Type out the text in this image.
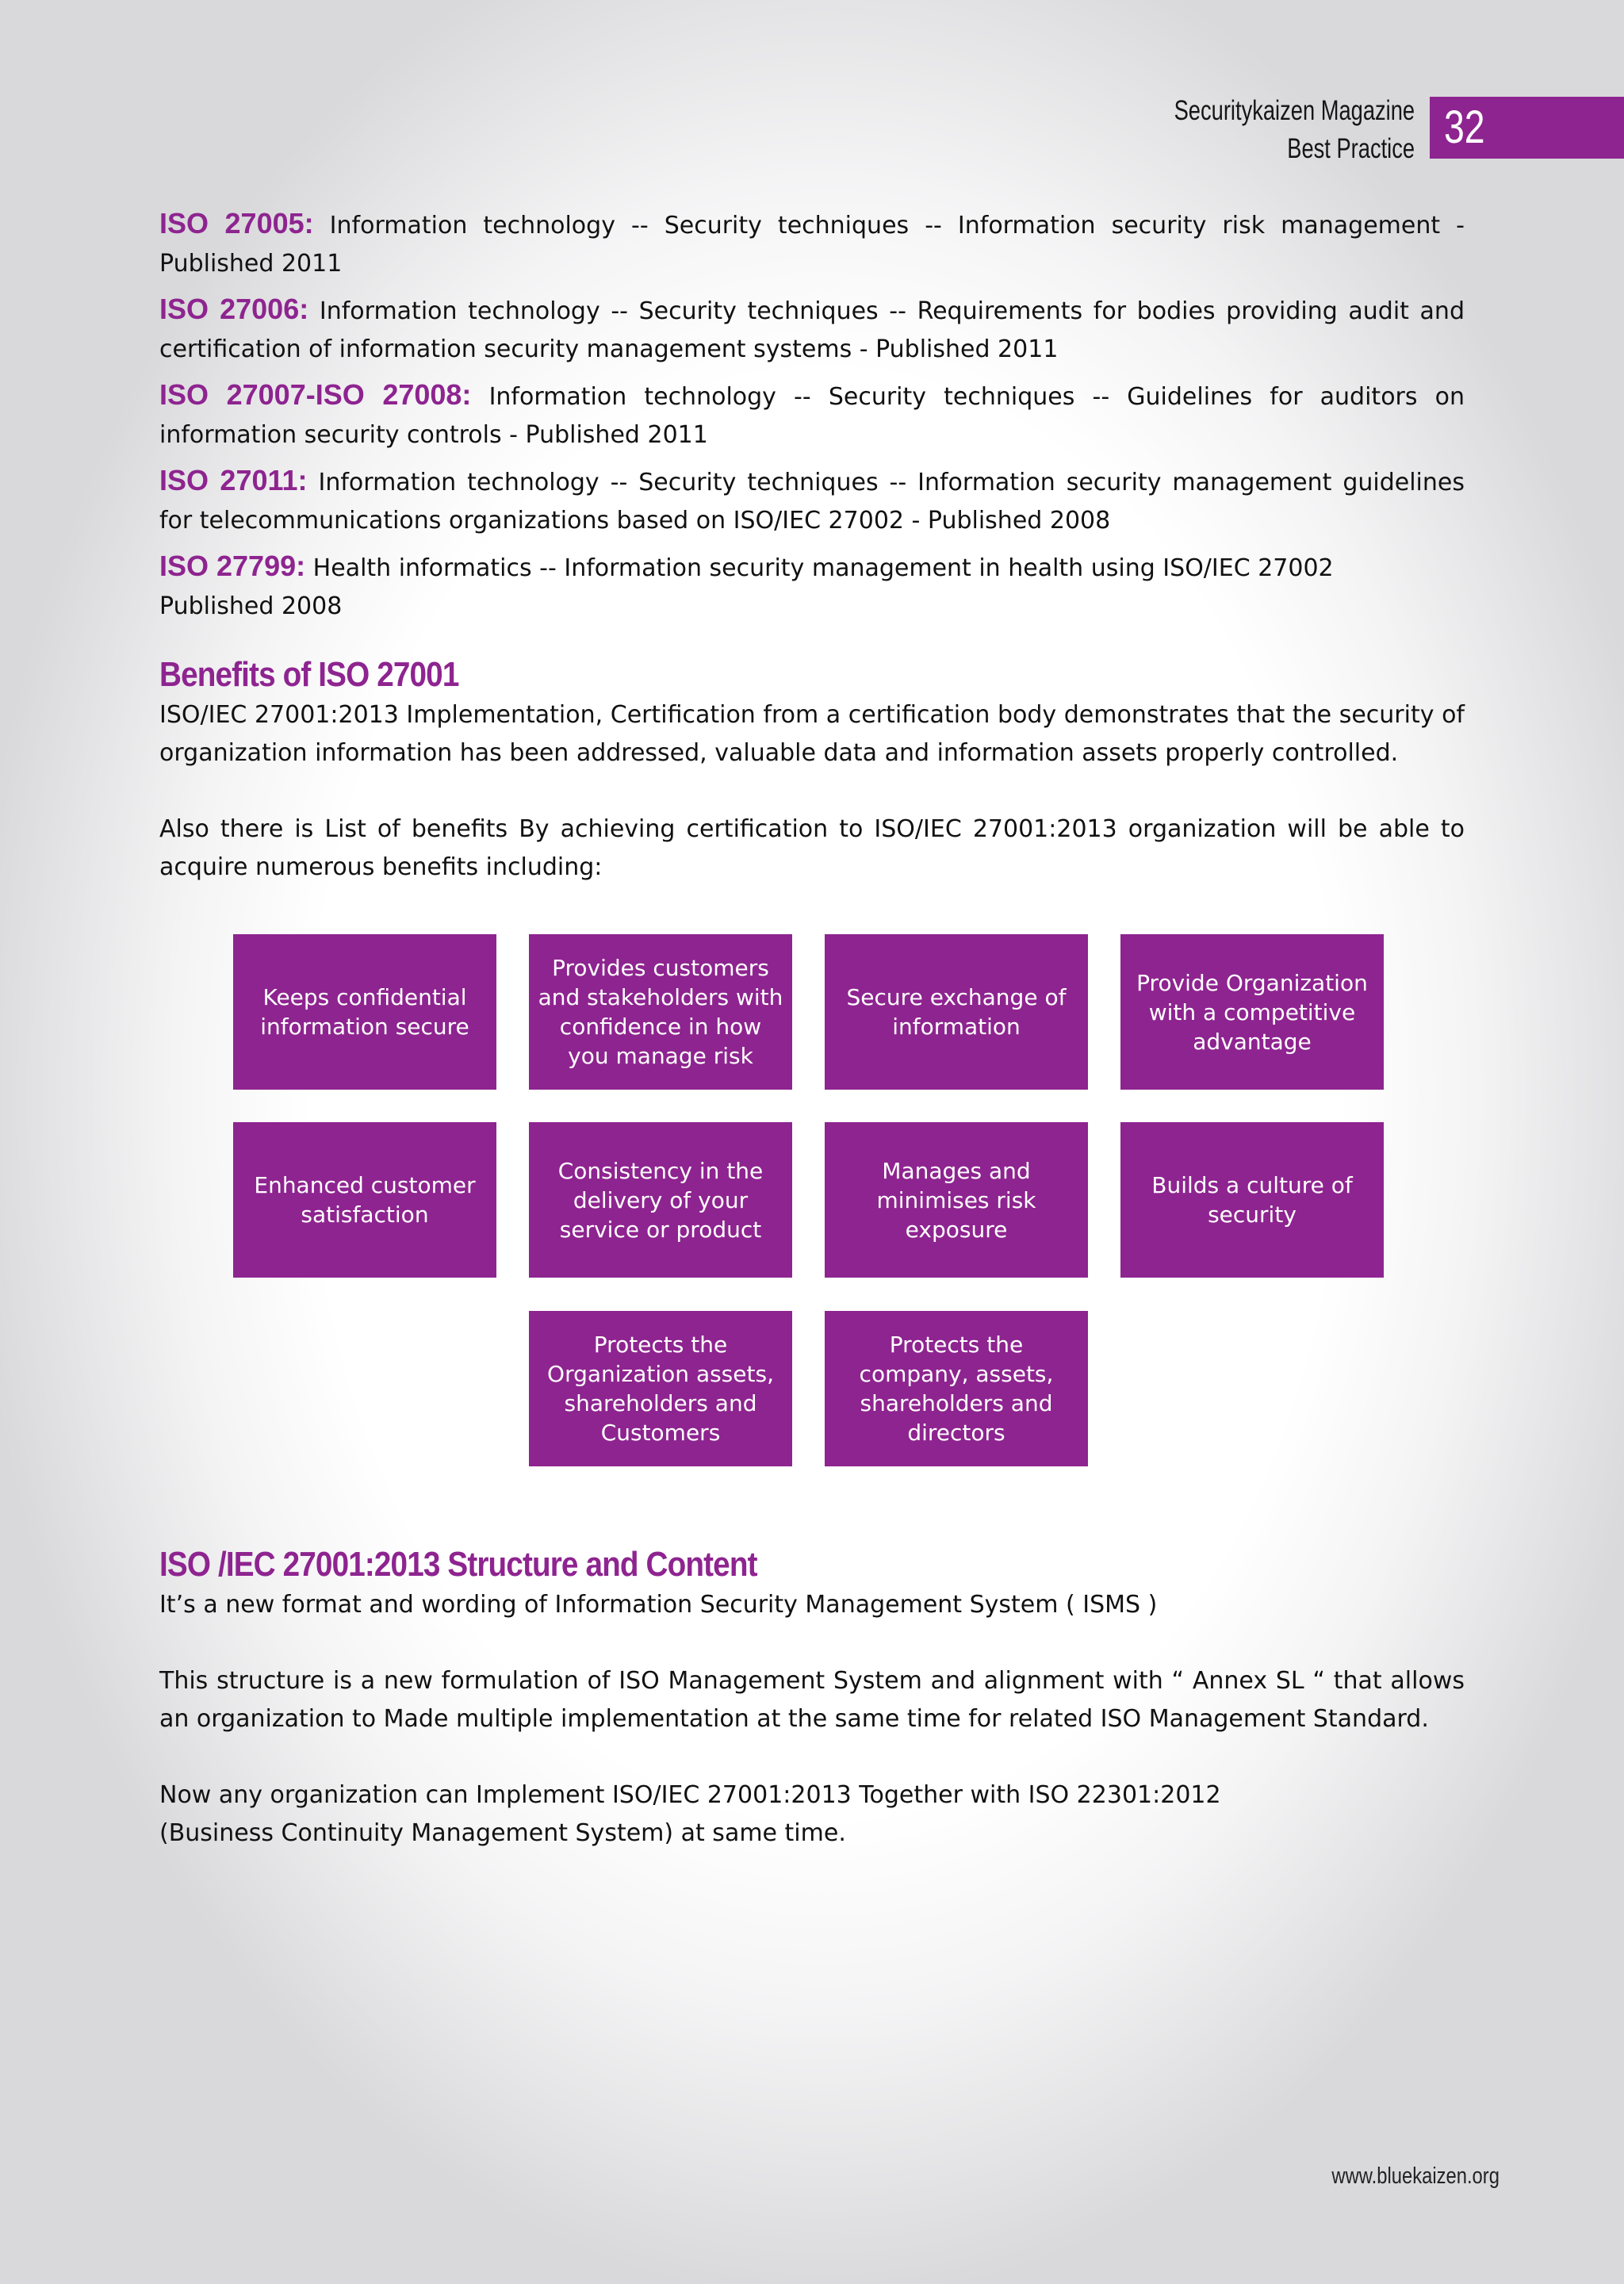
Securitykaizen Magazine
Best Practice 32

ISO 27005: Information technology -- Security techniques -- Information security risk management - Published 2011

ISO 27006: Information technology -- Security techniques -- Requirements for bodies providing audit and certification of information security management systems - Published 2011

ISO 27007-ISO 27008: Information technology -- Security techniques -- Guidelines for auditors on information security controls - Published 2011

ISO 27011: Information technology -- Security techniques -- Information security management guidelines for telecommunications organizations based on ISO/IEC 27002 - Published 2008

ISO 27799: Health informatics -- Information security management in health using ISO/IEC 27002
Published 2008

Benefits of ISO 27001

ISO/IEC 27001:2013 Implementation, Certification from a certification body demonstrates that the security of organization information has been addressed, valuable data and information assets properly controlled.

Also there is List of benefits By achieving certification to ISO/IEC 27001:2013 organization will be able to acquire numerous benefits including:

Keeps confidential information secure
Provides customers and stakeholders with confidence in how you manage risk
Secure exchange of information
Provide Organization with a competitive advantage
Enhanced customer satisfaction
Consistency in the delivery of your service or product
Manages and minimises risk exposure
Builds a culture of security
Protects the Organization assets, shareholders and Customers
Protects the company, assets, shareholders and directors
ISO /IEC 27001:2013 Structure and Content

It’s a new format and wording of Information Security Management System ( ISMS )

This structure is a new formulation of ISO Management System and alignment with “ Annex SL “ that allows an organization to Made multiple implementation at the same time for related ISO Management Standard.

Now any organization can Implement ISO/IEC 27001:2013 Together with ISO 22301:2012
(Business Continuity Management System) at same time.

www.bluekaizen.org
